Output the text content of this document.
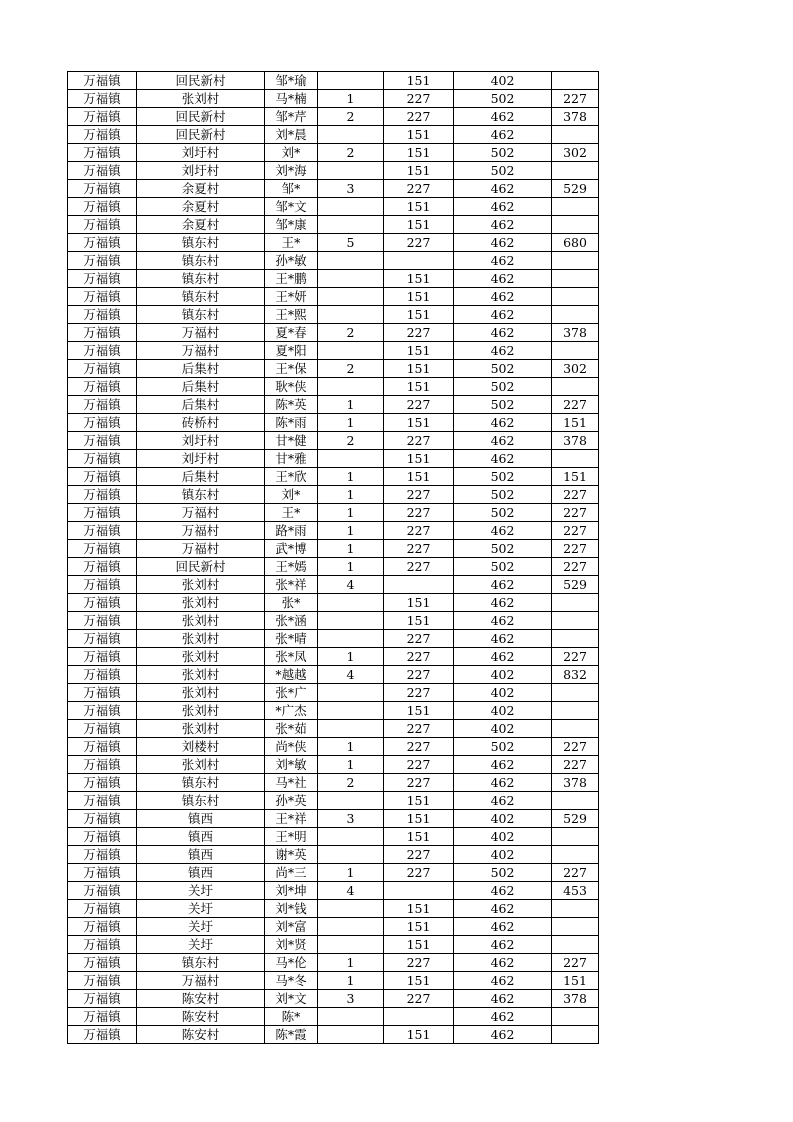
万福镇	回民新村	邹*瑜		151	402	
万福镇	张刘村	马*楠	1	227	502	227
万福镇	回民新村	邹*芹	2	227	462	378
万福镇	回民新村	刘*晨		151	462	
万福镇	刘圩村	刘*	2	151	502	302
万福镇	刘圩村	刘*海		151	502	
万福镇	余夏村	邹*	3	227	462	529
万福镇	余夏村	邹*文		151	462	
万福镇	余夏村	邹*康		151	462	
万福镇	镇东村	王*	5	227	462	680
万福镇	镇东村	孙*敏			462	
万福镇	镇东村	王*鹏		151	462	
万福镇	镇东村	王*妍		151	462	
万福镇	镇东村	王*熙		151	462	
万福镇	万福村	夏*春	2	227	462	378
万福镇	万福村	夏*阳		151	462	
万福镇	后集村	王*保	2	151	502	302
万福镇	后集村	耿*侠		151	502	
万福镇	后集村	陈*英	1	227	502	227
万福镇	砖桥村	陈*雨	1	151	462	151
万福镇	刘圩村	甘*健	2	227	462	378
万福镇	刘圩村	甘*雅		151	462	
万福镇	后集村	王*欣	1	151	502	151
万福镇	镇东村	刘*	1	227	502	227
万福镇	万福村	王*	1	227	502	227
万福镇	万福村	路*雨	1	227	462	227
万福镇	万福村	武*博	1	227	502	227
万福镇	回民新村	王*嫣	1	227	502	227
万福镇	张刘村	张*祥	4		462	529
万福镇	张刘村	张*		151	462	
万福镇	张刘村	张*涵		151	462	
万福镇	张刘村	张*晴		227	462	
万福镇	张刘村	张*凤	1	227	462	227
万福镇	张刘村	*越越	4	227	402	832
万福镇	张刘村	张*广		227	402	
万福镇	张刘村	*广杰		151	402	
万福镇	张刘村	张*茹		227	402	
万福镇	刘楼村	尚*侠	1	227	502	227
万福镇	张刘村	刘*敏	1	227	462	227
万福镇	镇东村	马*社	2	227	462	378
万福镇	镇东村	孙*英		151	462	
万福镇	镇西	王*祥	3	151	402	529
万福镇	镇西	王*明		151	402	
万福镇	镇西	谢*英		227	402	
万福镇	镇西	尚*三	1	227	502	227
万福镇	关圩	刘*坤	4		462	453
万福镇	关圩	刘*钱		151	462	
万福镇	关圩	刘*富		151	462	
万福镇	关圩	刘*贤		151	462	
万福镇	镇东村	马*伦	1	227	462	227
万福镇	万福村	马*冬	1	151	462	151
万福镇	陈安村	刘*文	3	227	462	378
万福镇	陈安村	陈*			462	
万福镇	陈安村	陈*霞		151	462	
